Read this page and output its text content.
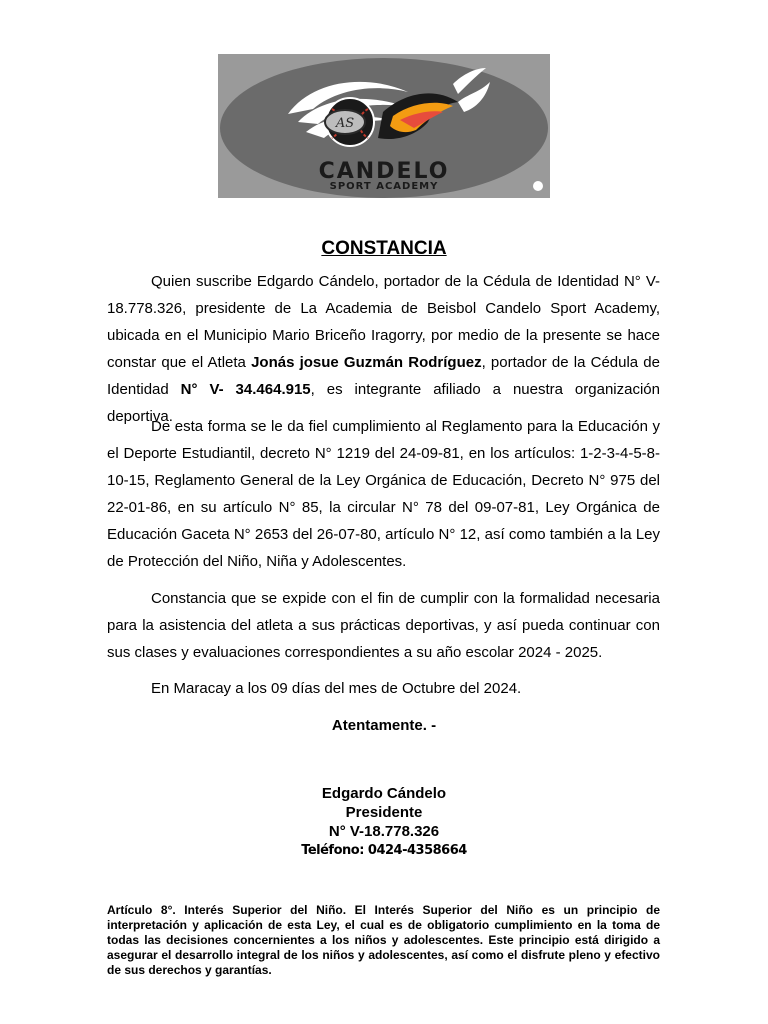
AS
CANDELO
SPORT ACADEMY
CONSTANCIA

Quien suscribe Edgardo Cándelo, portador de la Cédula de Identidad N° V-18.778.326, presidente de La Academia de Beisbol Candelo Sport Academy, ubicada en el Municipio Mario Briceño Iragorry, por medio de la presente se hace constar que el Atleta Jonás josue Guzmán Rodríguez, portador de la Cédula de Identidad N° V- 34.464.915, es integrante afiliado a nuestra organización deportiva.

De esta forma se le da fiel cumplimiento al Reglamento para la Educación y el Deporte Estudiantil, decreto N° 1219 del 24-09-81, en los artículos: 1-2-3-4-5-8-10-15, Reglamento General de la Ley Orgánica de Educación, Decreto N° 975 del 22-01-86, en su artículo N° 85, la circular N° 78 del 09-07-81, Ley Orgánica de Educación Gaceta N° 2653 del 26-07-80, artículo N° 12, así como también a la Ley de Protección del Niño, Niña y Adolescentes.

Constancia que se expide con el fin de cumplir con la formalidad necesaria para la asistencia del atleta a sus prácticas deportivas, y así pueda continuar con sus clases y evaluaciones correspondientes a su año escolar 2024 - 2025.

En Maracay a los 09 días del mes de Octubre del 2024.

Atentamente. -
Edgardo Cándelo
Presidente
N° V-18.778.326
Teléfono: 0424-4358664

Artículo 8°. Interés Superior del Niño. El Interés Superior del Niño es un principio de interpretación y aplicación de esta Ley, el cual es de obligatorio cumplimiento en la toma de todas las decisiones concernientes a los niños y adolescentes. Este principio está dirigido a asegurar el desarrollo integral de los niños y adolescentes, así como el disfrute pleno y efectivo de sus derechos y garantías.
